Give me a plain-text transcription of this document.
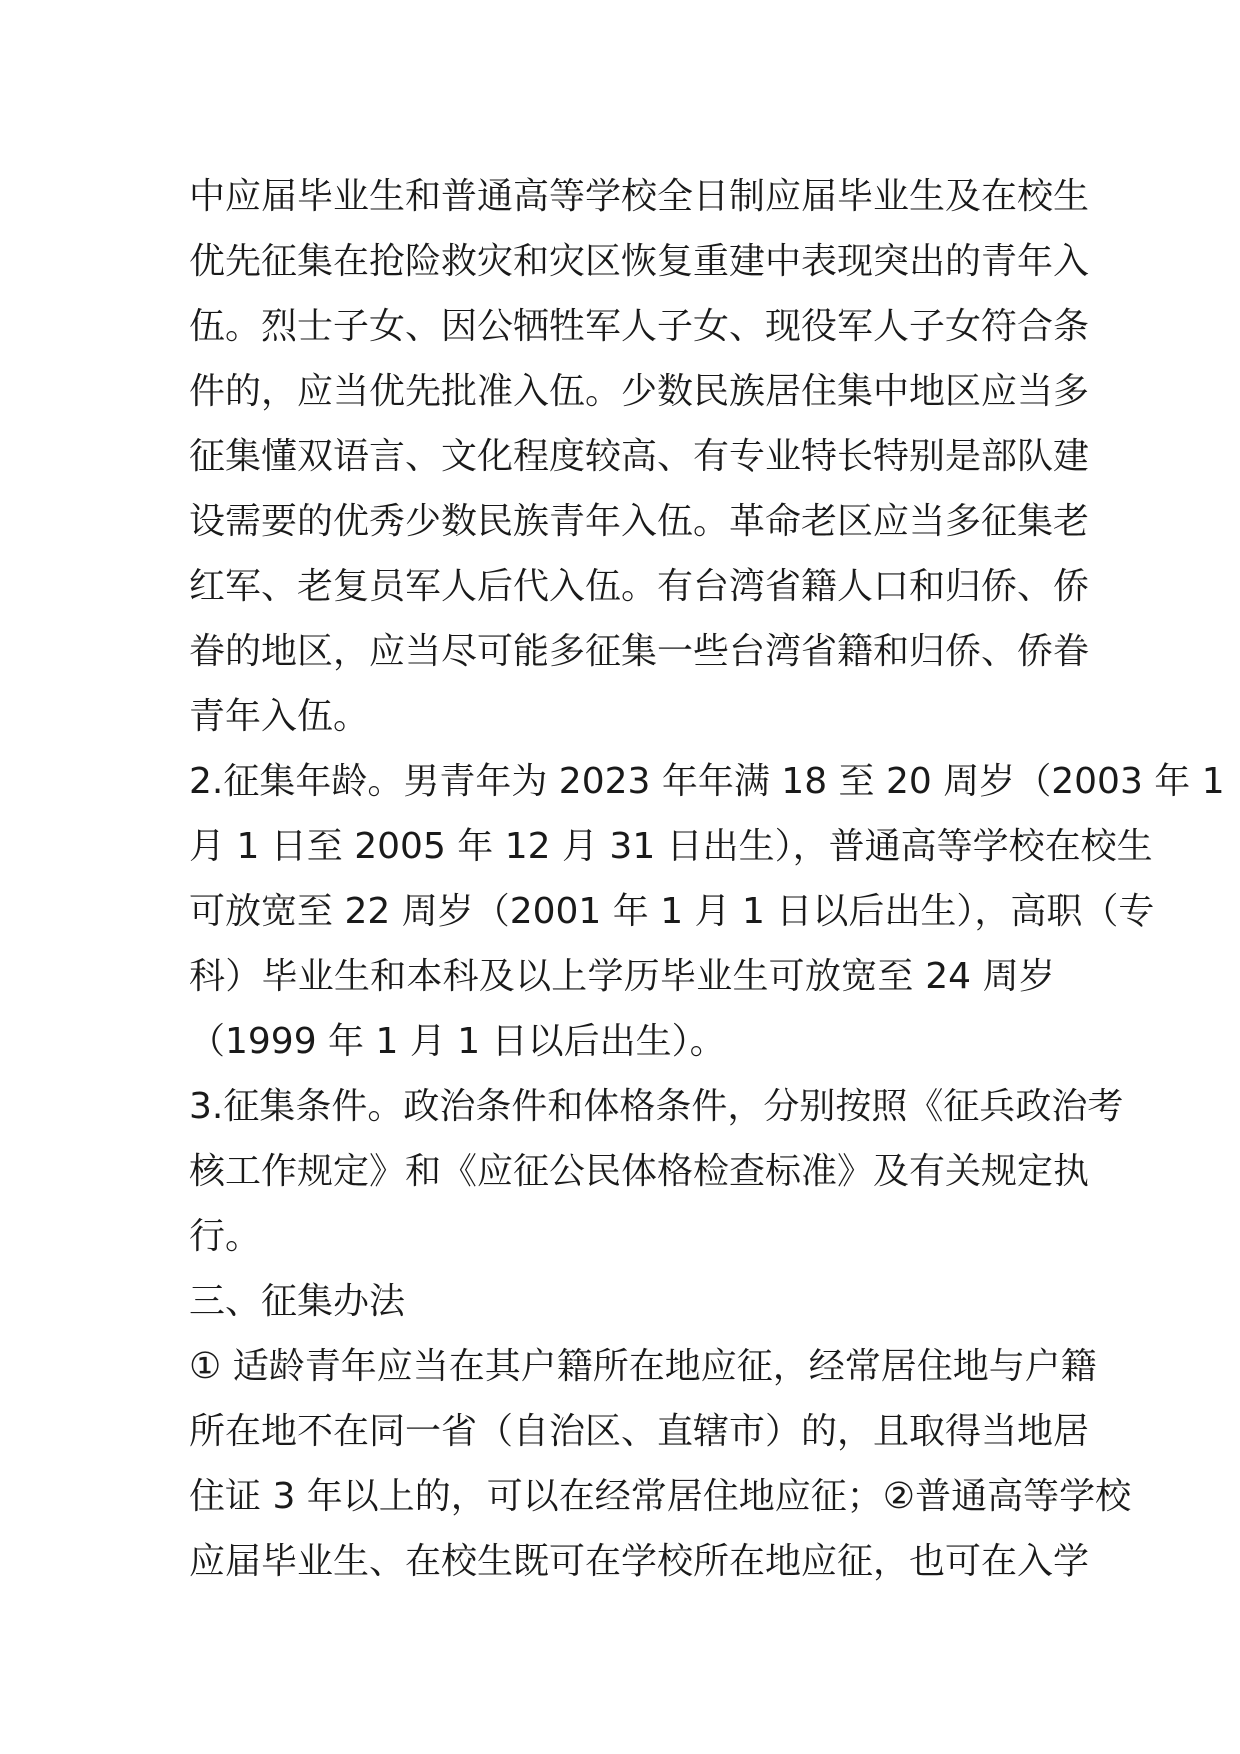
中应届毕业生和普通高等学校全日制应届毕业生及在校生
优先征集在抢险救灾和灾区恢复重建中表现突出的青年入
伍。烈士子女、因公牺牲军人子女、现役军人子女符合条
件的，应当优先批准入伍。少数民族居住集中地区应当多
征集懂双语言、文化程度较高、有专业特长特别是部队建
设需要的优秀少数民族青年入伍。革命老区应当多征集老
红军、老复员军人后代入伍。有台湾省籍人口和归侨、侨
眷的地区，应当尽可能多征集一些台湾省籍和归侨、侨眷
青年入伍。
2.征集年龄。男青年为 2023 年年满 18 至 20 周岁（2003 年 1
月 1 日至 2005 年 12 月 31 日出生），普通高等学校在校生
可放宽至 22 周岁（2001 年 1 月 1 日以后出生），高职（专
科）毕业生和本科及以上学历毕业生可放宽至 24 周岁
（1999 年 1 月 1 日以后出生）。
3.征集条件。政治条件和体格条件，分别按照《征兵政治考
核工作规定》和《应征公民体格检查标准》及有关规定执
行。
三、征集办法
① 适龄青年应当在其户籍所在地应征，经常居住地与户籍
所在地不在同一省（自治区、直辖市）的，且取得当地居
住证 3 年以上的，可以在经常居住地应征；②普通高等学校
应届毕业生、在校生既可在学校所在地应征，也可在入学
